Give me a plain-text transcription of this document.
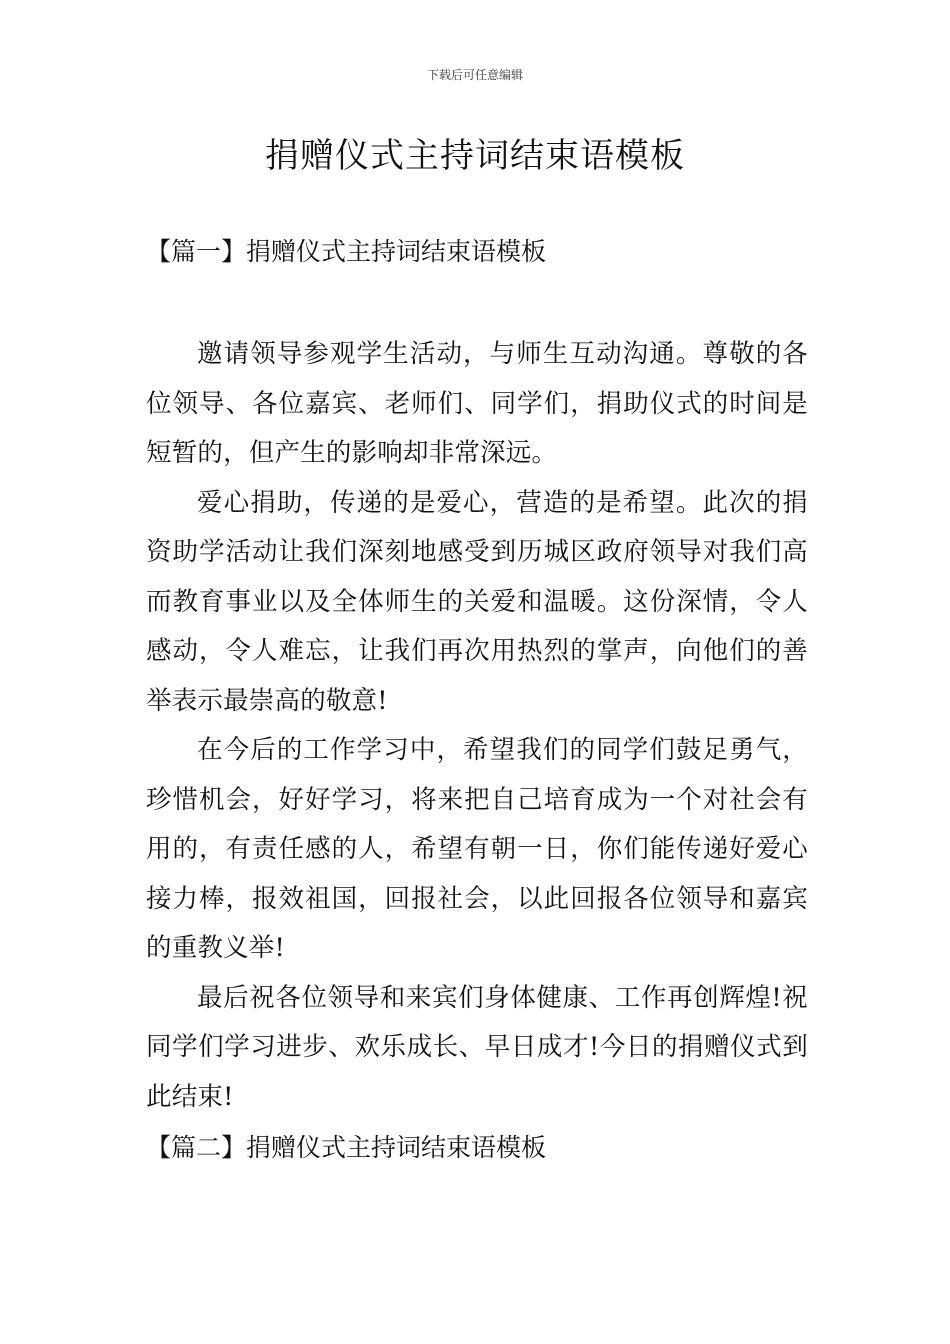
下载后可任意编辑
捐赠仪式主持词结束语模板
【篇一】捐赠仪式主持词结束语模板

邀请领导参观学生活动，与师生互动沟通。尊敬的各位领导、各位嘉宾、老师们、同学们，捐助仪式的时间是短暂的，但产生的影响却非常深远。

爱心捐助，传递的是爱心，营造的是希望。此次的捐资助学活动让我们深刻地感受到历城区政府领导对我们高而教育事业以及全体师生的关爱和温暖。这份深情，令人感动，令人难忘，让我们再次用热烈的掌声，向他们的善举表示最崇高的敬意!

在今后的工作学习中，希望我们的同学们鼓足勇气，珍惜机会，好好学习，将来把自己培育成为一个对社会有用的，有责任感的人，希望有朝一日，你们能传递好爱心接力棒，报效祖国，回报社会，以此回报各位领导和嘉宾的重教义举!

最后祝各位领导和来宾们身体健康、工作再创辉煌!祝同学们学习进步、欢乐成长、早日成才!今日的捐赠仪式到此结束!

【篇二】捐赠仪式主持词结束语模板
